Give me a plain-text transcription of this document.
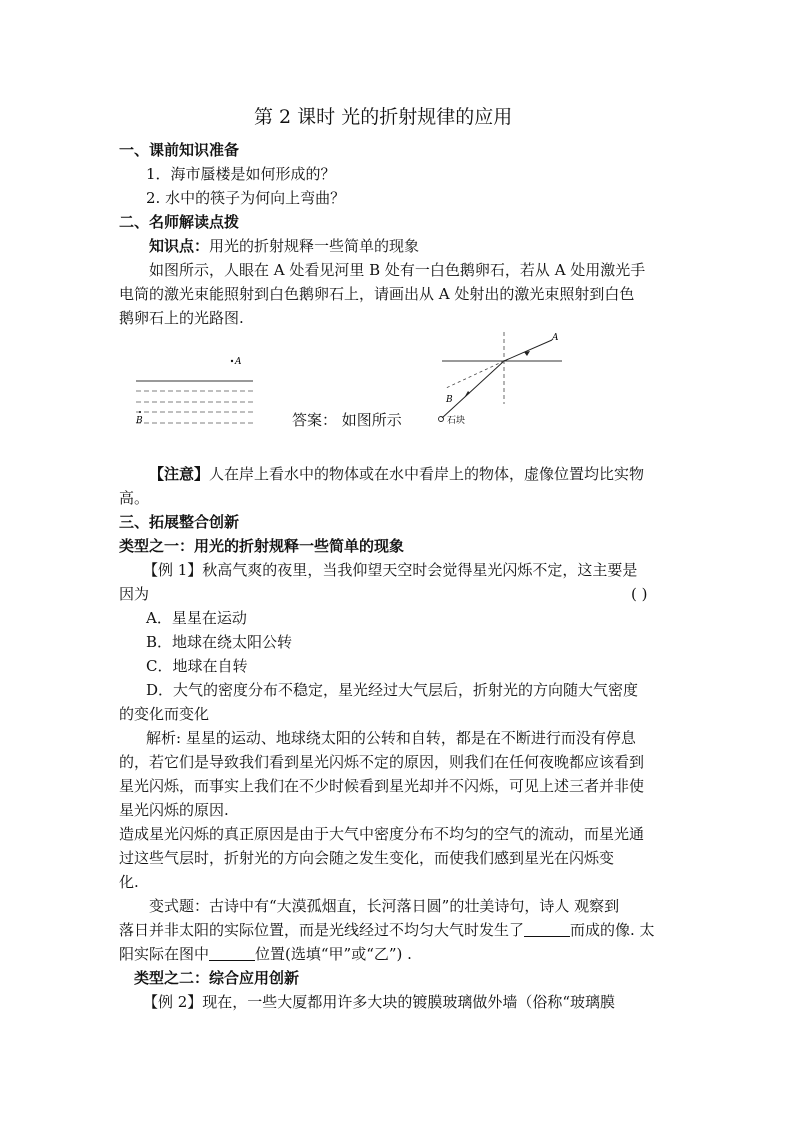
第 2 课时 光的折射规律的应用
一、课前知识准备
1．海市蜃楼是如何形成的？
2. 水中的筷子为何向上弯曲？
二、名师解读点拨
知识点：用光的折射规释一些简单的现象
如图所示，人眼在 A 处看见河里 B 处有一白色鹅卵石，若从 A 处用激光手
电筒的激光束能照射到白色鹅卵石上，请画出从 A 处射出的激光束照射到白色
鹅卵石上的光路图.
A
B	答案： 如图所示
A
B
石块
【注意】人在岸上看水中的物体或在水中看岸上的物体，虚像位置均比实物
高。
三、拓展整合创新
类型之一：用光的折射规释一些简单的现象
【例 1】秋高气爽的夜里，当我仰望天空时会觉得星光闪烁不定，这主要是
因为	( )
A．星星在运动
B．地球在绕太阳公转
C．地球在自转
D．大气的密度分布不稳定，星光经过大气层后，折射光的方向随大气密度
的变化而变化
解析: 星星的运动、地球绕太阳的公转和自转，都是在不断进行而没有停息
的，若它们是导致我们看到星光闪烁不定的原因，则我们在任何夜晚都应该看到
星光闪烁，而事实上我们在不少时候看到星光却并不闪烁，可见上述三者并非使
星光闪烁的原因.
造成星光闪烁的真正原因是由于大气中密度分布不均匀的空气的流动，而星光通
过这些气层时，折射光的方向会随之发生变化，而使我们感到星光在闪烁变
化.
变式题：古诗中有“大漠孤烟直，长河落日圆”的壮美诗句，诗人 观察到
落日并非太阳的实际位置，而是光线经过不均匀大气时发生了	而成的像. 太
阳实际在图中	位置(选填“甲”或“乙”) .
类型之二：综合应用创新
【例 2】现在，一些大厦都用许多大块的镀膜玻璃做外墙（俗称“玻璃膜
